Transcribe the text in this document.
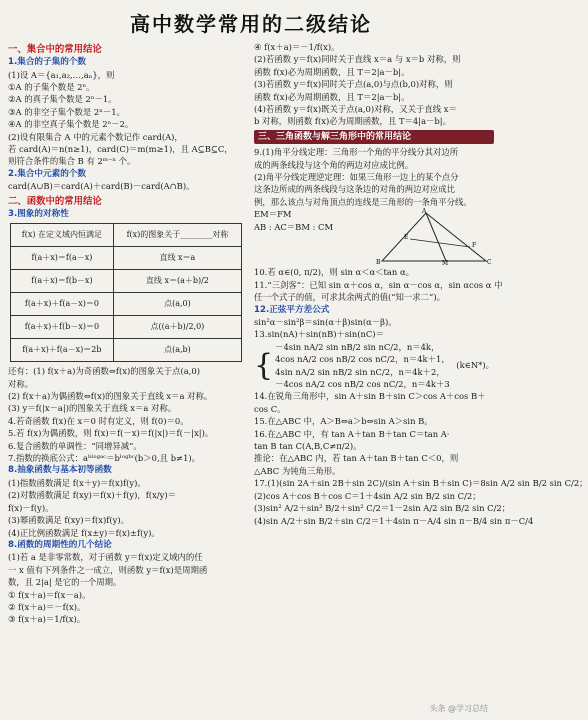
高中数学常用的二级结论
一、集合中的常用结论
1.集合的子集的个数
(1)设 A＝{a₁,a₂,…,aₙ}，则
①A 的子集个数是 2ⁿ。
②A 的真子集个数是 2ⁿ－1。
③A 的非空子集个数是 2ⁿ－1。
④A 的非空真子集个数是 2ⁿ－2。
(2)设有限集合 A 中的元素个数记作 card(A)，
若 card(A)＝n(n≥1)，card(C)＝m(m≥1)，且 A⊆B⊆C，
则符合条件的集合 B 有 2ᵐ⁻ⁿ 个。
2.集合中元素的个数
card(A∪B)＝card(A)＋card(B)－card(A∩B)。
二、函数中的常用结论
3.图象的对称性
f(x) 在定义域内恒满足	f(x)的图象关于________对称
f(a＋x)＝f(a－x)	直线 x＝a
f(a＋x)＝f(b－x)	直线 x＝(a＋b)/2
f(a＋x)＋f(a－x)＝0	点(a,0)
f(a＋x)＋f(b－x)＝0	点((a＋b)/2,0)
f(a＋x)＋f(a－x)＝2b	点(a,b)
还有：(1) f(x＋a)为奇函数⇔f(x)的图象关于点(a,0)
对称。
(2) f(x＋a)为偶函数⇔f(x)的图象关于直线 x＝a 对称。
(3) y＝f(|x－a|)的图象关于直线 x＝a 对称。
4.若奇函数 f(x)在 x＝0 时有定义，则 f(0)＝0。
5.若 f(x)为偶函数，则 f(x)＝f(－x)＝f(|x|)＝f(－|x|)。
6.复合函数的单调性：“同增异减”。
7.指数的换底公式：aᵇˡᵒᵍᵃᶜ＝bˡᵒᵍᵇᶜ(b＞0,且 b≠1)。
8.抽象函数与基本初等函数
(1)指数函数满足 f(x＋y)＝f(x)f(y)。
(2)对数函数满足 f(xy)＝f(x)＋f(y)，f(x/y)＝
f(x)－f(y)。
(3)幂函数满足 f(xy)＝f(x)f(y)。
(4)正比例函数满足 f(x±y)＝f(x)±f(y)。
8.函数的周期性的几个结论
(1)若 a 是非零常数，对于函数 y＝f(x)定义域内的任
一 x 值有下列条件之一成立，则函数 y＝f(x)是周期函
数，且 2|a| 是它的一个周期。
① f(x＋a)＝f(x－a)。
② f(x＋a)＝－f(x)。
③ f(x＋a)＝1/f(x)。
④ f(x＋a)＝－1/f(x)。
(2)若函数 y＝f(x)同时关于直线 x＝a 与 x＝b 对称，则
函数 f(x)必为周期函数，且 T＝2|a－b|。
(3)若函数 y＝f(x)同时关于点(a,0)与点(b,0)对称，则
函数 f(x)必为周期函数，且 T＝2|a－b|。
(4)若函数 y＝f(x)既关于点(a,0)对称，又关于直线 x＝
b 对称，则函数 f(x)必为周期函数，且 T＝4|a－b|。
三、三角函数与解三角形中的常用结论
9.(1)角平分线定理：三角形一个角的平分线分其对边所
成的两条线段与这个角的两边对应成比例。
(2)角平分线定理逆定理：如果三角形一边上的某个点分
这条边所成的两条线段与这条边的对角的两边对应成比
例，那么该点与对角顶点的连线是三角形的一条角平分线。
EM＝FM
AB : AC＝BM : CM
A
B	C
M
E
F
10.若 α∈(0, π/2)，则 sin α＜α＜tan α。
11.“三剑客”：已知 sin α＋cos α，sin α－cos α，sin αcos α 中
任一个式子的值，可求其余两式的值(“知一求二”)。
12.正弦平方差公式
sin²α－sin²β＝sin(α＋β)sin(α－β)。
13.sin(nA)＋sin(nB)＋sin(nC)＝
{
－4sin nA/2 sin nB/2 sin nC/2，n＝4k，
4cos nA/2 cos nB/2 cos nC/2，n＝4k＋1，
4sin nA/2 sin nB/2 sin nC/2，n＝4k＋2，
－4cos nA/2 cos nB/2 cos nC/2，n＝4k＋3
(k∈N*)。
14.在锐角三角形中，sin A＋sin B＋sin C＞cos A＋cos B＋
cos C。
15.在△ABC 中，A＞B⇔a＞b⇔sin A＞sin B。
16.在△ABC 中，有 tan A＋tan B＋tan C＝tan A·
tan B tan C(A,B,C≠π/2)。
推论：在△ABC 内，若 tan A＋tan B＋tan C＜0，则
△ABC 为钝角三角形。
17.(1)(sin 2A＋sin 2B＋sin 2C)/(sin A＋sin B＋sin C)＝8sin A/2 sin B/2 sin C/2；
(2)cos A＋cos B＋cos C＝1＋4sin A/2 sin B/2 sin C/2；
(3)sin² A/2＋sin² B/2＋sin² C/2＝1－2sin A/2 sin B/2 sin C/2；
(4)sin A/2＋sin B/2＋sin C/2＝1＋4sin π－A/4 sin π－B/4 sin π－C/4
头条 @学习总结
